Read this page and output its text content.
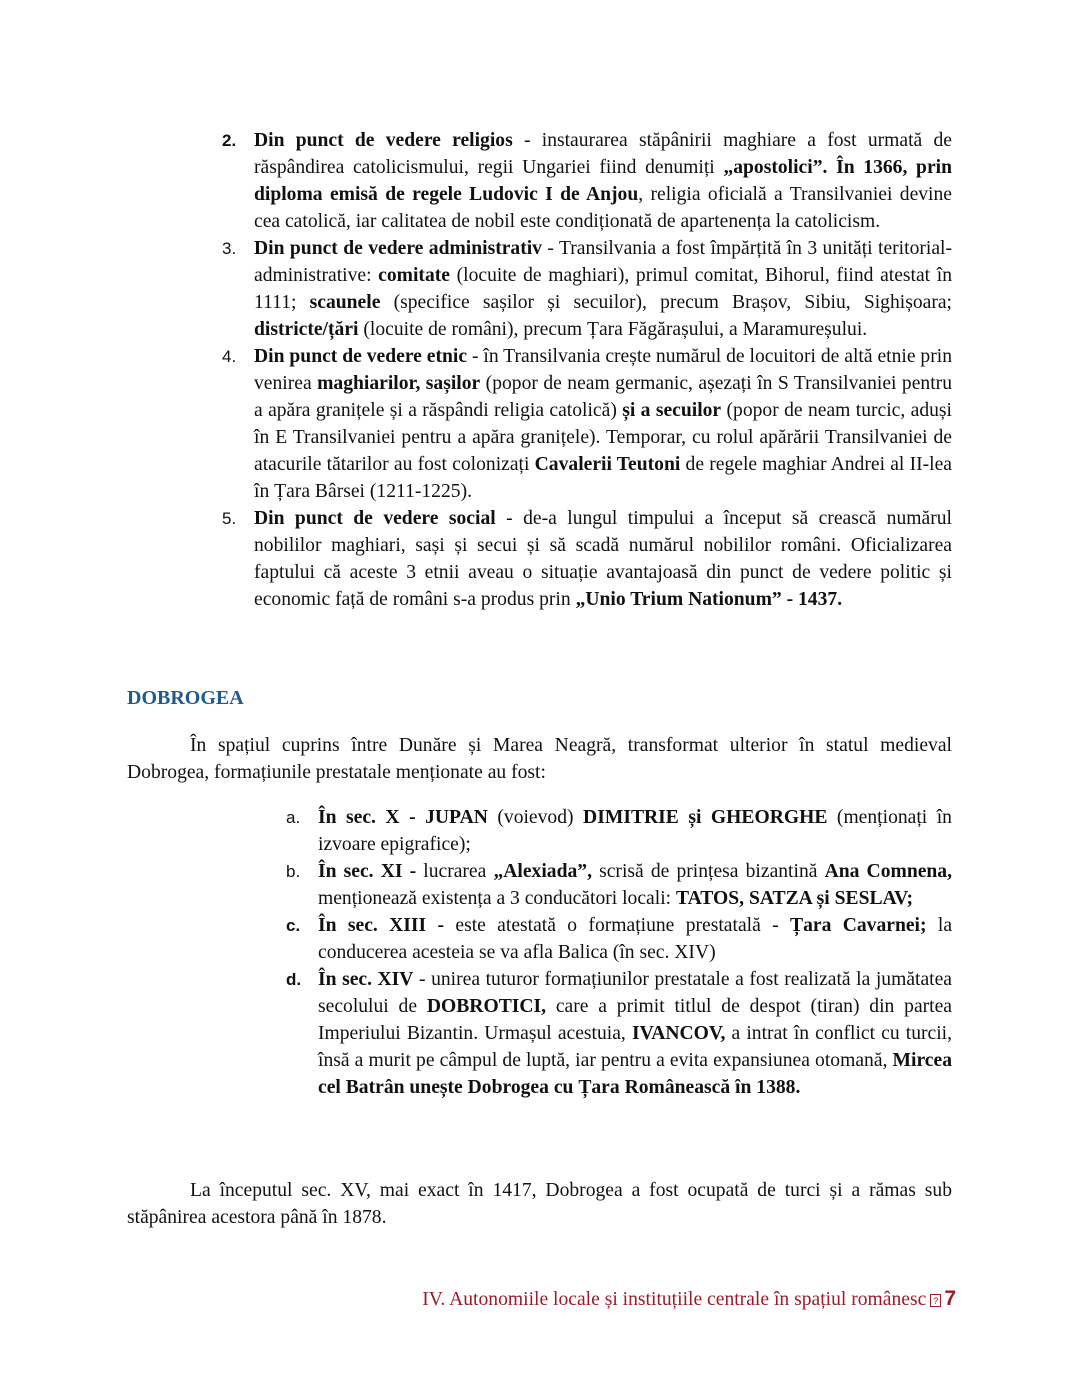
2. Din punct de vedere religios - instaurarea stăpânirii maghiare a fost urmată de răspândirea catolicismului, regii Ungariei fiind denumiți „apostolici”. În 1366, prin diploma emisă de regele Ludovic I de Anjou, religia oficială a Transilvaniei devine cea catolică, iar calitatea de nobil este condiționată de apartenența la catolicism.
3. Din punct de vedere administrativ - Transilvania a fost împărțită în 3 unități teritorial-administrative: comitate (locuite de maghiari), primul comitat, Bihorul, fiind atestat în 1111; scaunele (specifice sașilor și secuilor), precum Brașov, Sibiu, Sighișoara; districte/țări (locuite de români), precum Țara Făgărașului, a Maramureșului.
4. Din punct de vedere etnic - în Transilvania crește numărul de locuitori de altă etnie prin venirea maghiarilor, sașilor (popor de neam germanic, așezați în S Transilvaniei pentru a apăra granițele și a răspândi religia catolică) și a secuilor (popor de neam turcic, aduși în E Transilvaniei pentru a apăra granițele). Temporar, cu rolul apărării Transilvaniei de atacurile tătarilor au fost colonizați Cavalerii Teutoni de regele maghiar Andrei al II-lea în Țara Bârsei (1211-1225).
5. Din punct de vedere social - de-a lungul timpului a început să crească numărul nobililor maghiari, sași și secui și să scadă numărul nobililor români. Oficializarea faptului că aceste 3 etnii aveau o situație avantajoasă din punct de vedere politic și economic față de români s-a produs prin „Unio Trium Nationum” - 1437.
DOBROGEA
În spațiul cuprins între Dunăre și Marea Neagră, transformat ulterior în statul medieval Dobrogea, formațiunile prestatale menționate au fost:
a. În sec. X - JUPAN (voievod) DIMITRIE și GHEORGHE (menționați în izvoare epigrafice);
b. În sec. XI - lucrarea „Alexiada”, scrisă de prințesa bizantină Ana Comnena, menționează existența a 3 conducători locali: TATOS, SATZA și SESLAV;
c. În sec. XIII - este atestată o formațiune prestatală - Țara Cavarnei; la conducerea acesteia se va afla Balica (în sec. XIV)
d. În sec. XIV - unirea tuturor formațiunilor prestatale a fost realizată la jumătatea secolului de DOBROTICI, care a primit titlul de despot (tiran) din partea Imperiului Bizantin. Urmașul acestuia, IVANCOV, a intrat în conflict cu turcii, însă a murit pe câmpul de luptă, iar pentru a evita expansiunea otomană, Mircea cel Batrân unește Dobrogea cu Țara Românească în 1388.
La începutul sec. XV, mai exact în 1417, Dobrogea a fost ocupată de turci și a rămas sub stăpânirea acestora până în 1878.
IV. Autonomiile locale și instituțiile centrale în spațiul românesc ? 7
